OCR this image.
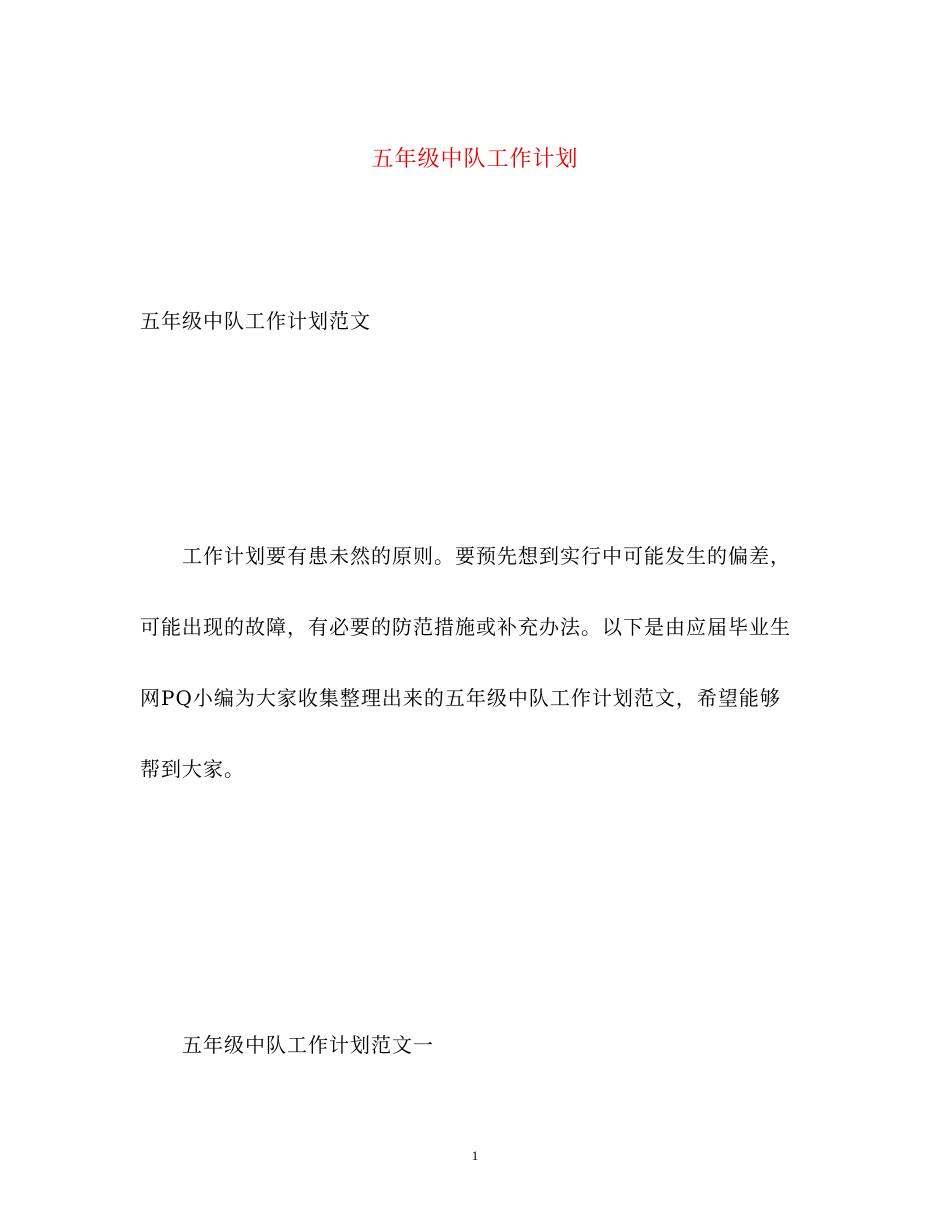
五年级中队工作计划
五年级中队工作计划范文
工作计划要有患未然的原则。要预先想到实行中可能发生的偏差，
可能出现的故障，有必要的防范措施或补充办法。以下是由应届毕业生
网PQ小编为大家收集整理出来的五年级中队工作计划范文，希望能够
帮到大家。
五年级中队工作计划范文一
1
